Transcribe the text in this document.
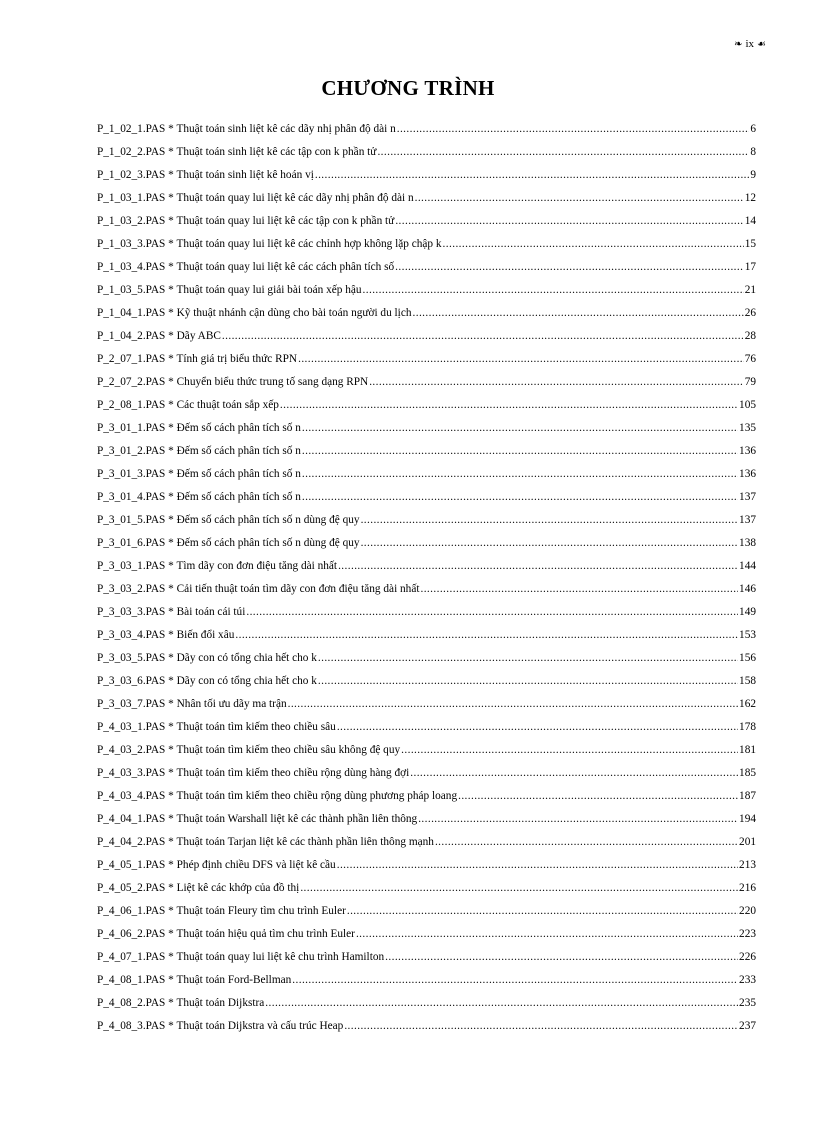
❧ ix ☙
CHƯƠNG TRÌNH
P_1_02_1.PAS * Thuật toán sinh liệt kê các dãy nhị phân độ dài n .....	6
P_1_02_2.PAS * Thuật toán sinh liệt kê các tập con k phần tử .....	8
P_1_02_3.PAS * Thuật toán sinh liệt kê hoán vị .....	9
P_1_03_1.PAS * Thuật toán quay lui liệt kê các dãy nhị phân độ dài n .....	12
P_1_03_2.PAS * Thuật toán quay lui liệt kê các tập con k phần tử .....	14
P_1_03_3.PAS * Thuật toán quay lui liệt kê các chỉnh hợp không lặp chập k .....	15
P_1_03_4.PAS * Thuật toán quay lui liệt kê các cách phân tích số .....	17
P_1_03_5.PAS * Thuật toán quay lui giải bài toán xếp hậu .....	21
P_1_04_1.PAS * Kỹ thuật nhánh cận dùng cho bài toán người du lịch .....	26
P_1_04_2.PAS * Dãy ABC .....	28
P_2_07_1.PAS * Tính giá trị biểu thức RPN .....	76
P_2_07_2.PAS * Chuyển biểu thức trung tố sang dạng RPN .....	79
P_2_08_1.PAS * Các thuật toán sắp xếp .....	105
P_3_01_1.PAS * Đếm số cách phân tích số n .....	135
P_3_01_2.PAS * Đếm số cách phân tích số n .....	136
P_3_01_3.PAS * Đếm số cách phân tích số n .....	136
P_3_01_4.PAS * Đếm số cách phân tích số n .....	137
P_3_01_5.PAS * Đếm số cách phân tích số n dùng đệ quy .....	137
P_3_01_6.PAS * Đếm số cách phân tích số n dùng đệ quy .....	138
P_3_03_1.PAS * Tìm dãy con đơn điệu tăng dài nhất .....	144
P_3_03_2.PAS * Cải tiến thuật toán tìm dãy con đơn điệu tăng dài nhất .....	146
P_3_03_3.PAS * Bài toán cái túi .....	149
P_3_03_4.PAS * Biến đổi xâu .....	153
P_3_03_5.PAS * Dãy con có tổng chia hết cho k .....	156
P_3_03_6.PAS * Dãy con có tổng chia hết cho k .....	158
P_3_03_7.PAS * Nhân tối ưu dãy ma trận .....	162
P_4_03_1.PAS * Thuật toán tìm kiếm theo chiều sâu .....	178
P_4_03_2.PAS * Thuật toán tìm kiếm theo chiều sâu không đệ quy .....	181
P_4_03_3.PAS * Thuật toán tìm kiếm theo chiều rộng dùng hàng đợi .....	185
P_4_03_4.PAS * Thuật toán tìm kiếm theo chiều rộng dùng phương pháp loang .....	187
P_4_04_1.PAS * Thuật toán Warshall liệt kê các thành phần liên thông .....	194
P_4_04_2.PAS * Thuật toán Tarjan liệt kê các thành phần liên thông mạnh .....	201
P_4_05_1.PAS * Phép định chiều DFS và liệt kê cầu .....	213
P_4_05_2.PAS * Liệt kê các khớp của đồ thị .....	216
P_4_06_1.PAS * Thuật toán Fleury tìm chu trình Euler .....	220
P_4_06_2.PAS * Thuật toán hiệu quả tìm chu trình Euler .....	223
P_4_07_1.PAS * Thuật toán quay lui liệt kê chu trình Hamilton .....	226
P_4_08_1.PAS * Thuật toán Ford-Bellman .....	233
P_4_08_2.PAS * Thuật toán Dijkstra .....	235
P_4_08_3.PAS * Thuật toán Dijkstra và cấu trúc Heap .....	237
